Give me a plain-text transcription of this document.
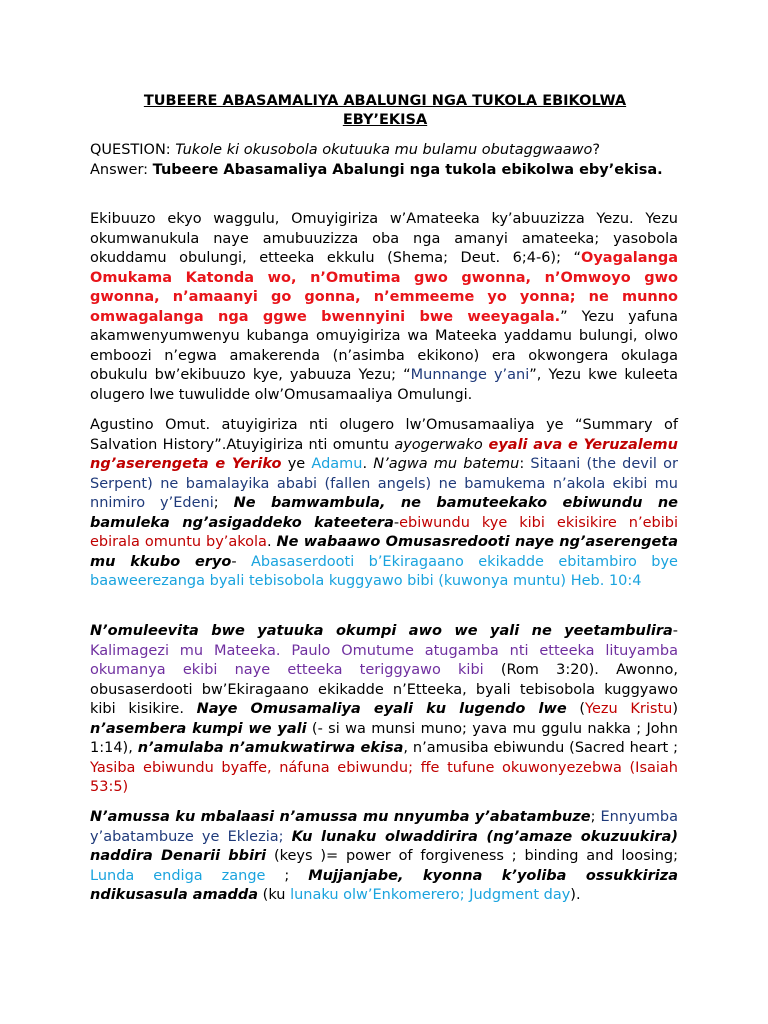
TUBEERE ABASAMALIYA ABALUNGI NGA TUKOLA EBIKOLWA
EBY’EKISA
QUESTION: Tukole ki okusobola okutuuka mu bulamu obutaggwaawo?
Answer: Tubeere Abasamaliya Abalungi nga tukola ebikolwa eby’ekisa.
Ekibuuzo ekyo waggulu, Omuyigiriza w’Amateeka ky’abuuzizza Yezu. Yezu okumwanukula naye amubuuzizza oba nga amanyi amateeka; yasobola okuddamu obulungi, etteeka ekkulu (Shema; Deut. 6;4-6); “Oyagalanga Omukama Katonda wo, n’Omutima gwo gwonna, n’Omwoyo gwo gwonna, n’amaanyi go gonna, n’emmeeme yo yonna; ne munno omwagalanga nga ggwe bwennyini bwe weeyagala.” Yezu yafuna akamwenyumwenyu kubanga omuyigiriza wa Mateeka yaddamu bulungi, olwo emboozi n’egwa amakerenda (n’asimba ekikono) era okwongera okulaga obukulu bw’ekibuuzo kye, yabuuza Yezu; “Munnange y’ani”, Yezu kwe kuleeta olugero lwe tuwulidde olw’Omusamaaliya Omulungi.
Agustino Omut. atuyigiriza nti olugero lw’Omusamaaliya ye “Summary of Salvation History”.Atuyigiriza nti omuntu ayogerwako eyali ava e Yeruzalemu ng’aserengeta e Yeriko ye Adamu. N’agwa mu batemu: Sitaani (the devil or Serpent) ne bamalayika ababi (fallen angels) ne bamukema n’akola ekibi mu nnimiro y’Edeni; Ne bamwambula, ne bamuteekako ebiwundu ne bamuleka ng’asigaddeko kateetera-ebiwundu kye kibi ekisikire n’ebibi ebirala omuntu by’akola. Ne wabaawo Omusasredooti naye ng’aserengeta mu kkubo eryo- Abasaserdooti b’Ekiragaano ekikadde ebitambiro bye baaweerezanga byali tebisobola kuggyawo bibi (kuwonya muntu) Heb. 10:4
N’omuleevita bwe yatuuka okumpi awo we yali ne yeetambulira-Kalimagezi mu Mateeka. Paulo Omutume atugamba nti etteeka lituyamba okumanya ekibi naye etteeka teriggyawo kibi (Rom 3:20). Awonno, obusaserdooti bw’Ekiragaano ekikadde n’Etteeka, byali tebisobola kuggyawo kibi kisikire. Naye Omusamaliya eyali ku lugendo lwe (Yezu Kristu) n’asembera kumpi we yali (- si wa munsi muno; yava mu ggulu nakka ; John 1:14), n’amulaba n’amukwatirwa ekisa, n’amusiba ebiwundu (Sacred heart ; Yasiba ebiwundu byaffe, náfuna ebiwundu; ffe tufune okuwonyezebwa (Isaiah 53:5)
N’amussa ku mbalaasi n’amussa mu nnyumba y’abatambuze; Ennyumba y’abatambuze ye Eklezia; Ku lunaku olwaddirira (ng’amaze okuzuukira) naddira Denarii bbiri (keys )= power of forgiveness ; binding and loosing; Lunda endiga zange ; Mujjanjabe, kyonna k’yoliba ossukkiriza ndikusasula amadda (ku lunaku olw’Enkomerero; Judgment day).
